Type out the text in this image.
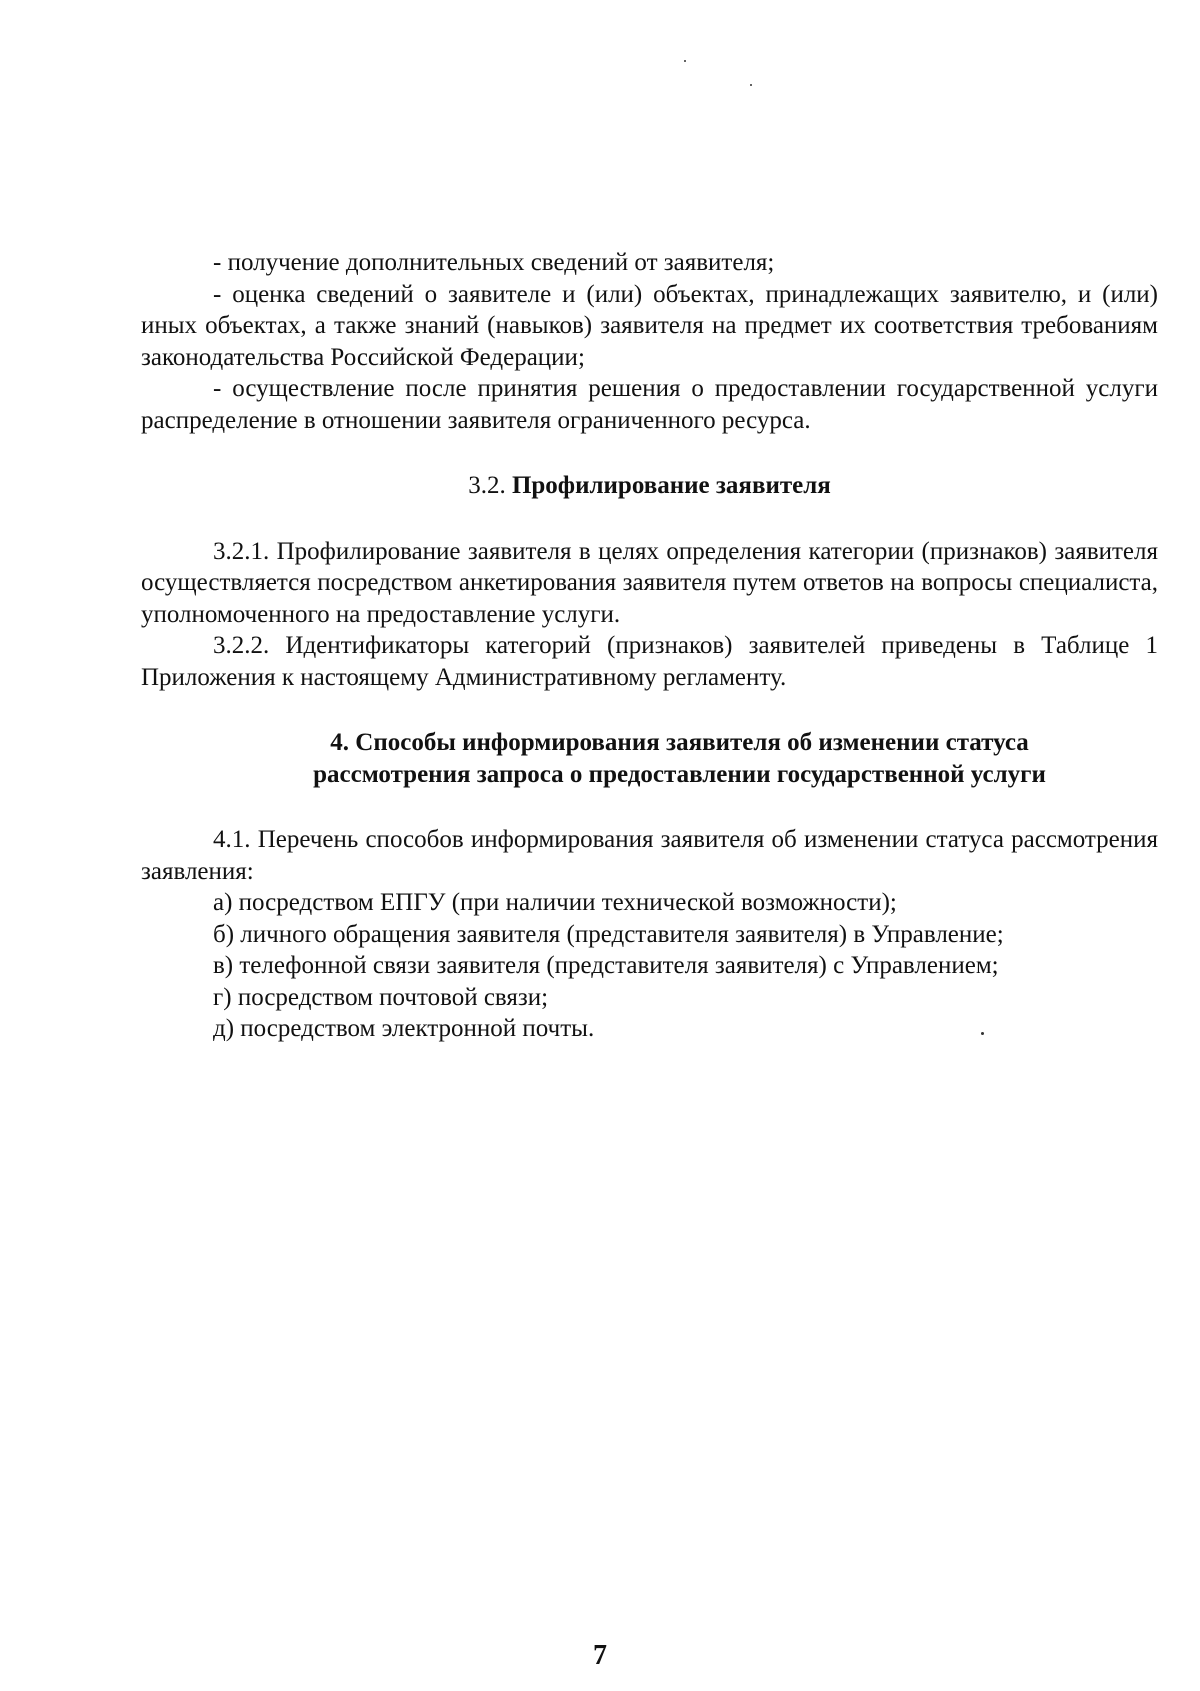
- получение дополнительных сведений от заявителя;

- оценка сведений о заявителе и (или) объектах, принадлежащих заявителю, и (или) иных объектах, а также знаний (навыков) заявителя на предмет их соответствия требованиям законодательства Российской Федерации;

- осуществление после принятия решения о предоставлении государственной услуги распределение в отношении заявителя ограниченного ресурса.

3.2. Профилирование заявителя

3.2.1. Профилирование заявителя в целях определения категории (признаков) заявителя осуществляется посредством анкетирования заявителя путем ответов на вопросы специалиста, уполномоченного на предоставление услуги.

3.2.2. Идентификаторы категорий (признаков) заявителей приведены в Таблице 1 Приложения к настоящему Административному регламенту.

4. Способы информирования заявителя об изменении статуса
рассмотрения запроса о предоставлении государственной услуги

4.1. Перечень способов информирования заявителя об изменении статуса рассмотрения заявления:

а) посредством ЕПГУ (при наличии технической возможности);

б) личного обращения заявителя (представителя заявителя) в Управление;

в) телефонной связи заявителя (представителя заявителя) с Управлением;

г) посредством почтовой связи;

д) посредством электронной почты.

7
